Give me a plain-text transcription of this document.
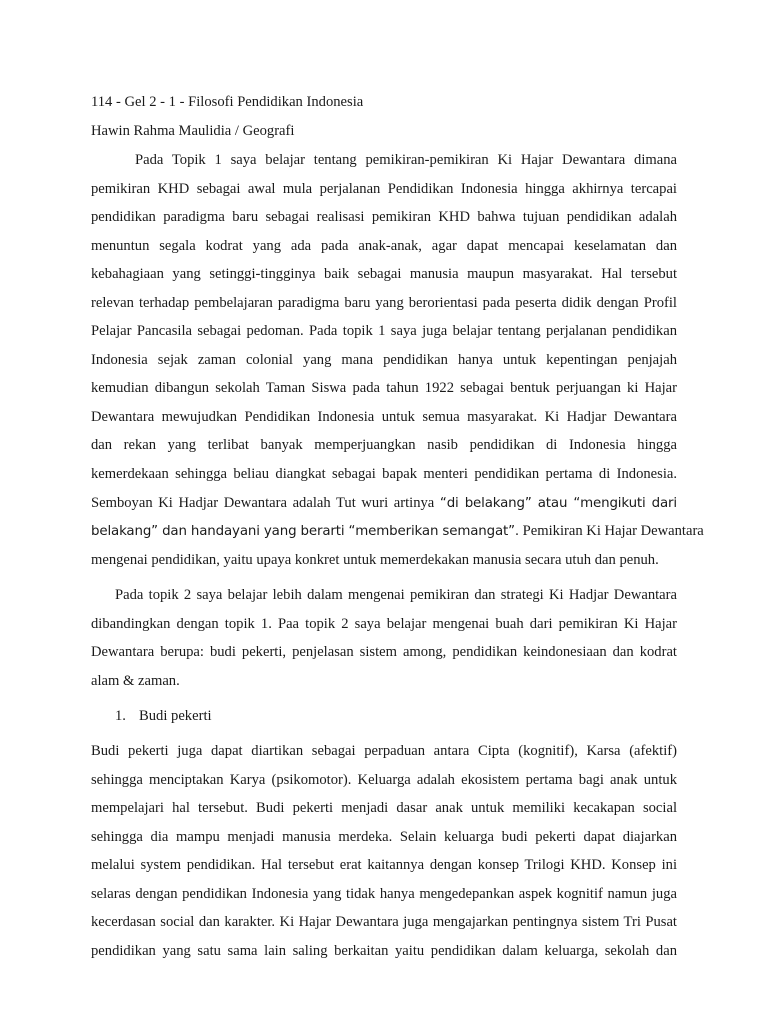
114 - Gel 2 - 1 - Filosofi Pendidikan Indonesia
Hawin Rahma Maulidia / Geografi
Pada Topik 1 saya belajar tentang pemikiran-pemikiran Ki Hajar Dewantara dimana
pemikiran KHD sebagai awal mula perjalanan Pendidikan Indonesia hingga akhirnya tercapai
pendidikan paradigma baru sebagai realisasi pemikiran KHD bahwa tujuan pendidikan adalah
menuntun segala kodrat yang ada pada anak-anak, agar dapat mencapai keselamatan dan
kebahagiaan yang setinggi-tingginya baik sebagai manusia maupun masyarakat. Hal tersebut
relevan terhadap pembelajaran paradigma baru yang berorientasi pada peserta didik dengan Profil
Pelajar Pancasila sebagai pedoman. Pada topik 1 saya juga belajar tentang perjalanan pendidikan
Indonesia sejak zaman colonial yang mana pendidikan hanya untuk kepentingan penjajah
kemudian dibangun sekolah Taman Siswa pada tahun 1922 sebagai bentuk perjuangan ki Hajar
Dewantara mewujudkan Pendidikan Indonesia untuk semua masyarakat. Ki Hadjar Dewantara
dan rekan yang terlibat banyak memperjuangkan nasib pendidikan di Indonesia hingga
kemerdekaan sehingga beliau diangkat sebagai bapak menteri pendidikan pertama di Indonesia.
Semboyan Ki Hadjar Dewantara adalah Tut wuri artinya “di belakang” atau “mengikuti dari
belakang” dan handayani yang berarti “memberikan semangat”. Pemikiran Ki Hajar Dewantara
mengenai pendidikan, yaitu upaya konkret untuk memerdekakan manusia secara utuh dan penuh.
Pada topik 2 saya belajar lebih dalam mengenai pemikiran dan strategi Ki Hadjar Dewantara
dibandingkan dengan topik 1. Paa topik 2 saya belajar mengenai buah dari pemikiran Ki Hajar
Dewantara berupa: budi pekerti, penjelasan sistem among, pendidikan keindonesiaan dan kodrat
alam & zaman.
1. Budi pekerti
Budi pekerti juga dapat diartikan sebagai perpaduan antara Cipta (kognitif), Karsa (afektif)
sehingga menciptakan Karya (psikomotor). Keluarga adalah ekosistem pertama bagi anak untuk
mempelajari hal tersebut. Budi pekerti menjadi dasar anak untuk memiliki kecakapan social
sehingga dia mampu menjadi manusia merdeka. Selain keluarga budi pekerti dapat diajarkan
melalui system pendidikan. Hal tersebut erat kaitannya dengan konsep Trilogi KHD. Konsep ini
selaras dengan pendidikan Indonesia yang tidak hanya mengedepankan aspek kognitif namun juga
kecerdasan social dan karakter. Ki Hajar Dewantara juga mengajarkan pentingnya sistem Tri Pusat
pendidikan yang satu sama lain saling berkaitan yaitu pendidikan dalam keluarga, sekolah dan
